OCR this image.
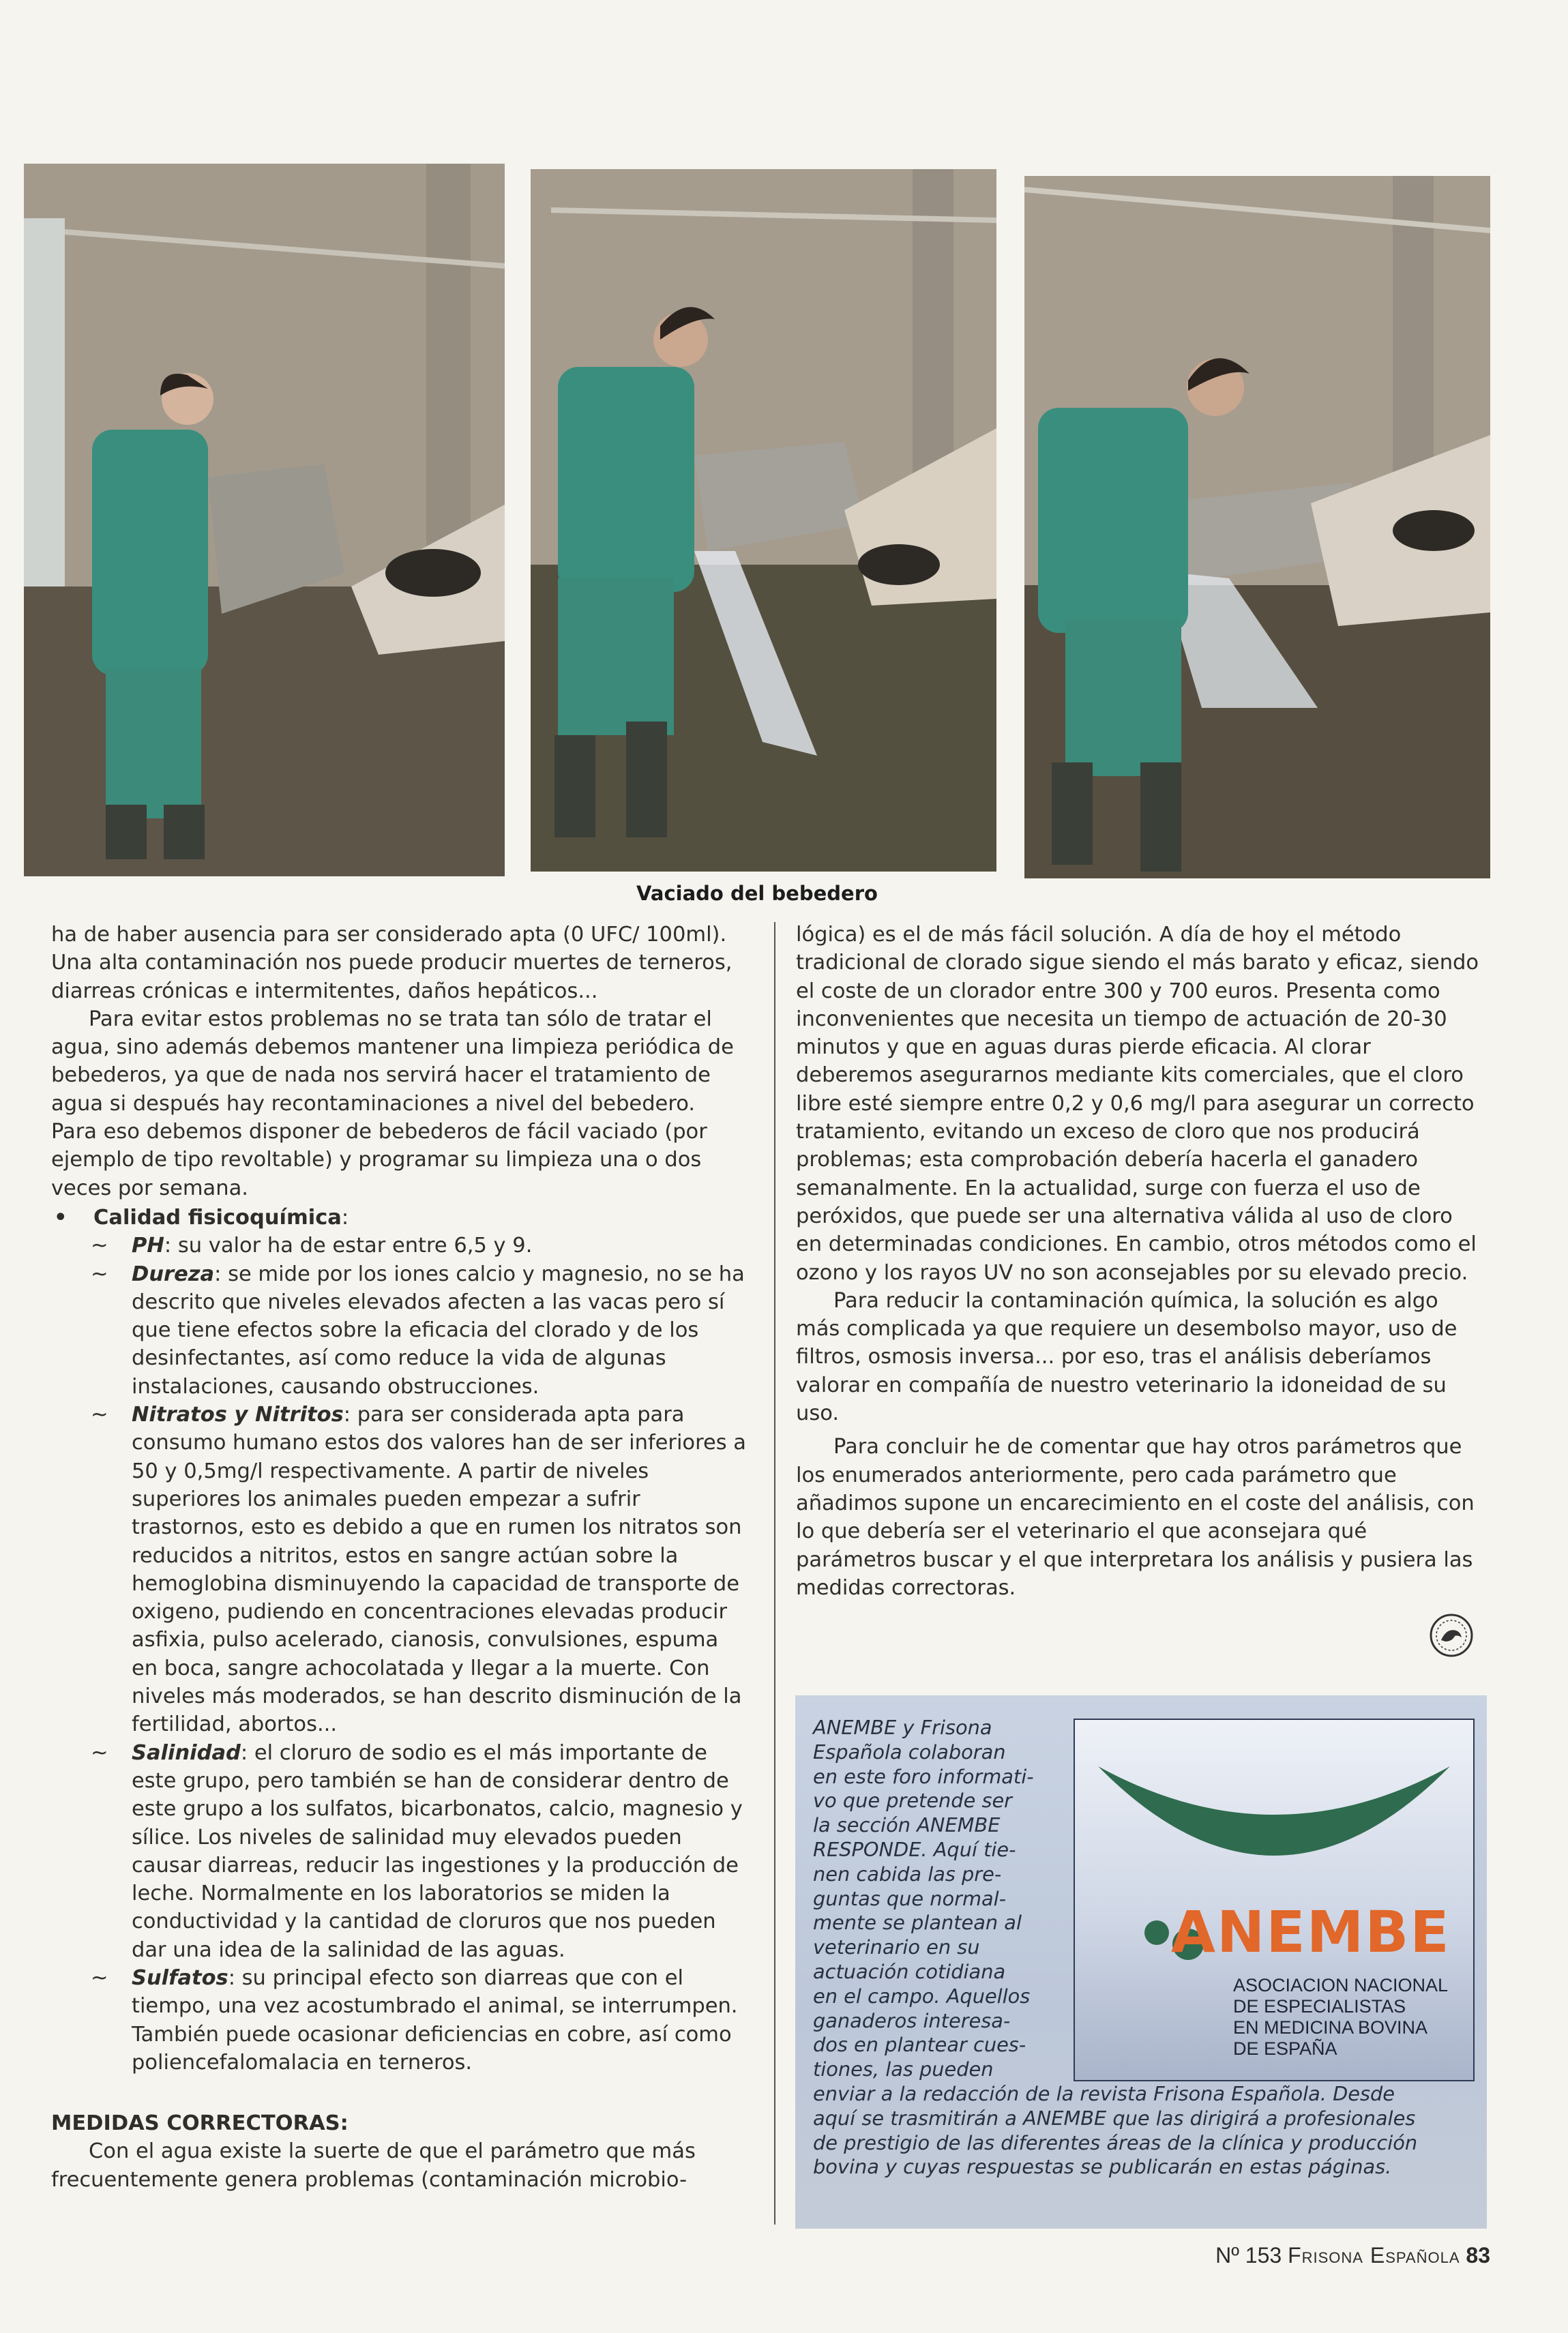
Vaciado del bebedero

ha de haber ausencia para ser considerado apta (0 UFC/ 100ml). Una alta contaminación nos puede producir muertes de terneros, diarreas crónicas e intermitentes, daños hepáticos...

Para evitar estos problemas no se trata tan sólo de tratar el agua, sino además debemos mantener una limpieza periódica de bebederos, ya que de nada nos servirá hacer el tratamiento de agua si después hay recontaminaciones a nivel del bebedero. Para eso debemos disponer de bebederos de fácil vaciado (por ejemplo de tipo revoltable) y programar su limpieza una o dos veces por semana.

•	Calidad fisicoquímica:
~	PH: su valor ha de estar entre 6,5 y 9.
~	Dureza: se mide por los iones calcio y magnesio, no se ha descrito que niveles elevados afecten a las vacas pero sí que tiene efectos sobre la eficacia del clorado y de los desinfectantes, así como reduce la vida de algunas instalaciones, causando obstrucciones.
~	Nitratos y Nitritos: para ser considerada apta para consumo humano estos dos valores han de ser inferiores a 50 y 0,5mg/l respectivamente. A partir de niveles superiores los animales pueden empezar a sufrir trastornos, esto es debido a que en rumen los nitratos son reducidos a nitritos, estos en sangre actúan sobre la hemoglobina disminuyendo la capacidad de transporte de oxigeno, pudiendo en concentraciones elevadas producir asfixia, pulso acelerado, cianosis, convulsiones, espuma en boca, sangre achocolatada y llegar a la muerte. Con niveles más moderados, se han descrito disminución de la fertilidad, abortos...
~	Salinidad: el cloruro de sodio es el más importante de este grupo, pero también se han de considerar dentro de este grupo a los sulfatos, bicarbonatos, calcio, magnesio y sílice. Los niveles de salinidad muy elevados pueden causar diarreas, reducir las ingestiones y la producción de leche. Normalmente en los laboratorios se miden la conductividad y la cantidad de cloruros que nos pueden dar una idea de la salinidad de las aguas.
~	Sulfatos: su principal efecto son diarreas que con el tiempo, una vez acostumbrado el animal, se interrumpen. También puede ocasionar deficiencias en cobre, así como poliencefalomalacia en terneros.

MEDIDAS CORRECTORAS:

Con el agua existe la suerte de que el parámetro que más frecuentemente genera problemas (contaminación microbio-

lógica) es el de más fácil solución. A día de hoy el método tradicional de clorado sigue siendo el más barato y eficaz, siendo el coste de un clorador entre 300 y 700 euros. Presenta como inconvenientes que necesita un tiempo de actuación de 20-30 minutos y que en aguas duras pierde eficacia. Al clorar deberemos asegurarnos mediante kits comerciales, que el cloro libre esté siempre entre 0,2 y 0,6 mg/l para asegurar un correcto tratamiento, evitando un exceso de cloro que nos producirá problemas; esta comprobación debería hacerla el ganadero semanalmente. En la actualidad, surge con fuerza el uso de peróxidos, que puede ser una alternativa válida al uso de cloro en determinadas condiciones. En cambio, otros métodos como el ozono y los rayos UV no son aconsejables por su elevado precio.

Para reducir la contaminación química, la solución es algo más complicada ya que requiere un desembolso mayor, uso de filtros, osmosis inversa... por eso, tras el análisis deberíamos valorar en compañía de nuestro veterinario la idoneidad de su uso.

Para concluir he de comentar que hay otros parámetros que los enumerados anteriormente, pero cada parámetro que añadimos supone un encarecimiento en el coste del análisis, con lo que debería ser el veterinario el que aconsejara qué parámetros buscar y el que interpretara los análisis y pusiera las medidas correctoras.

ANEMBE y Frisona
Española colaboran
en este foro informati-
vo que pretende ser
la sección ANEMBE
RESPONDE. Aquí tie-
nen cabida las pre-
guntas que normal-
mente se plantean al
veterinario en su
actuación cotidiana
en el campo. Aquellos
ganaderos interesa-
dos en plantear cues-
tiones, las pueden
enviar a la redacción de la revista Frisona Española. Desde
aquí se trasmitirán a ANEMBE que las dirigirá a profesionales
de prestigio de las diferentes áreas de la clínica y producción
bovina y cuyas respuestas se publicarán en estas páginas.
ANEMBE
ASOCIACION NACIONAL
DE ESPECIALISTAS
EN MEDICINA BOVINA
DE ESPAÑA
Nº 153 Frisona Española 83
